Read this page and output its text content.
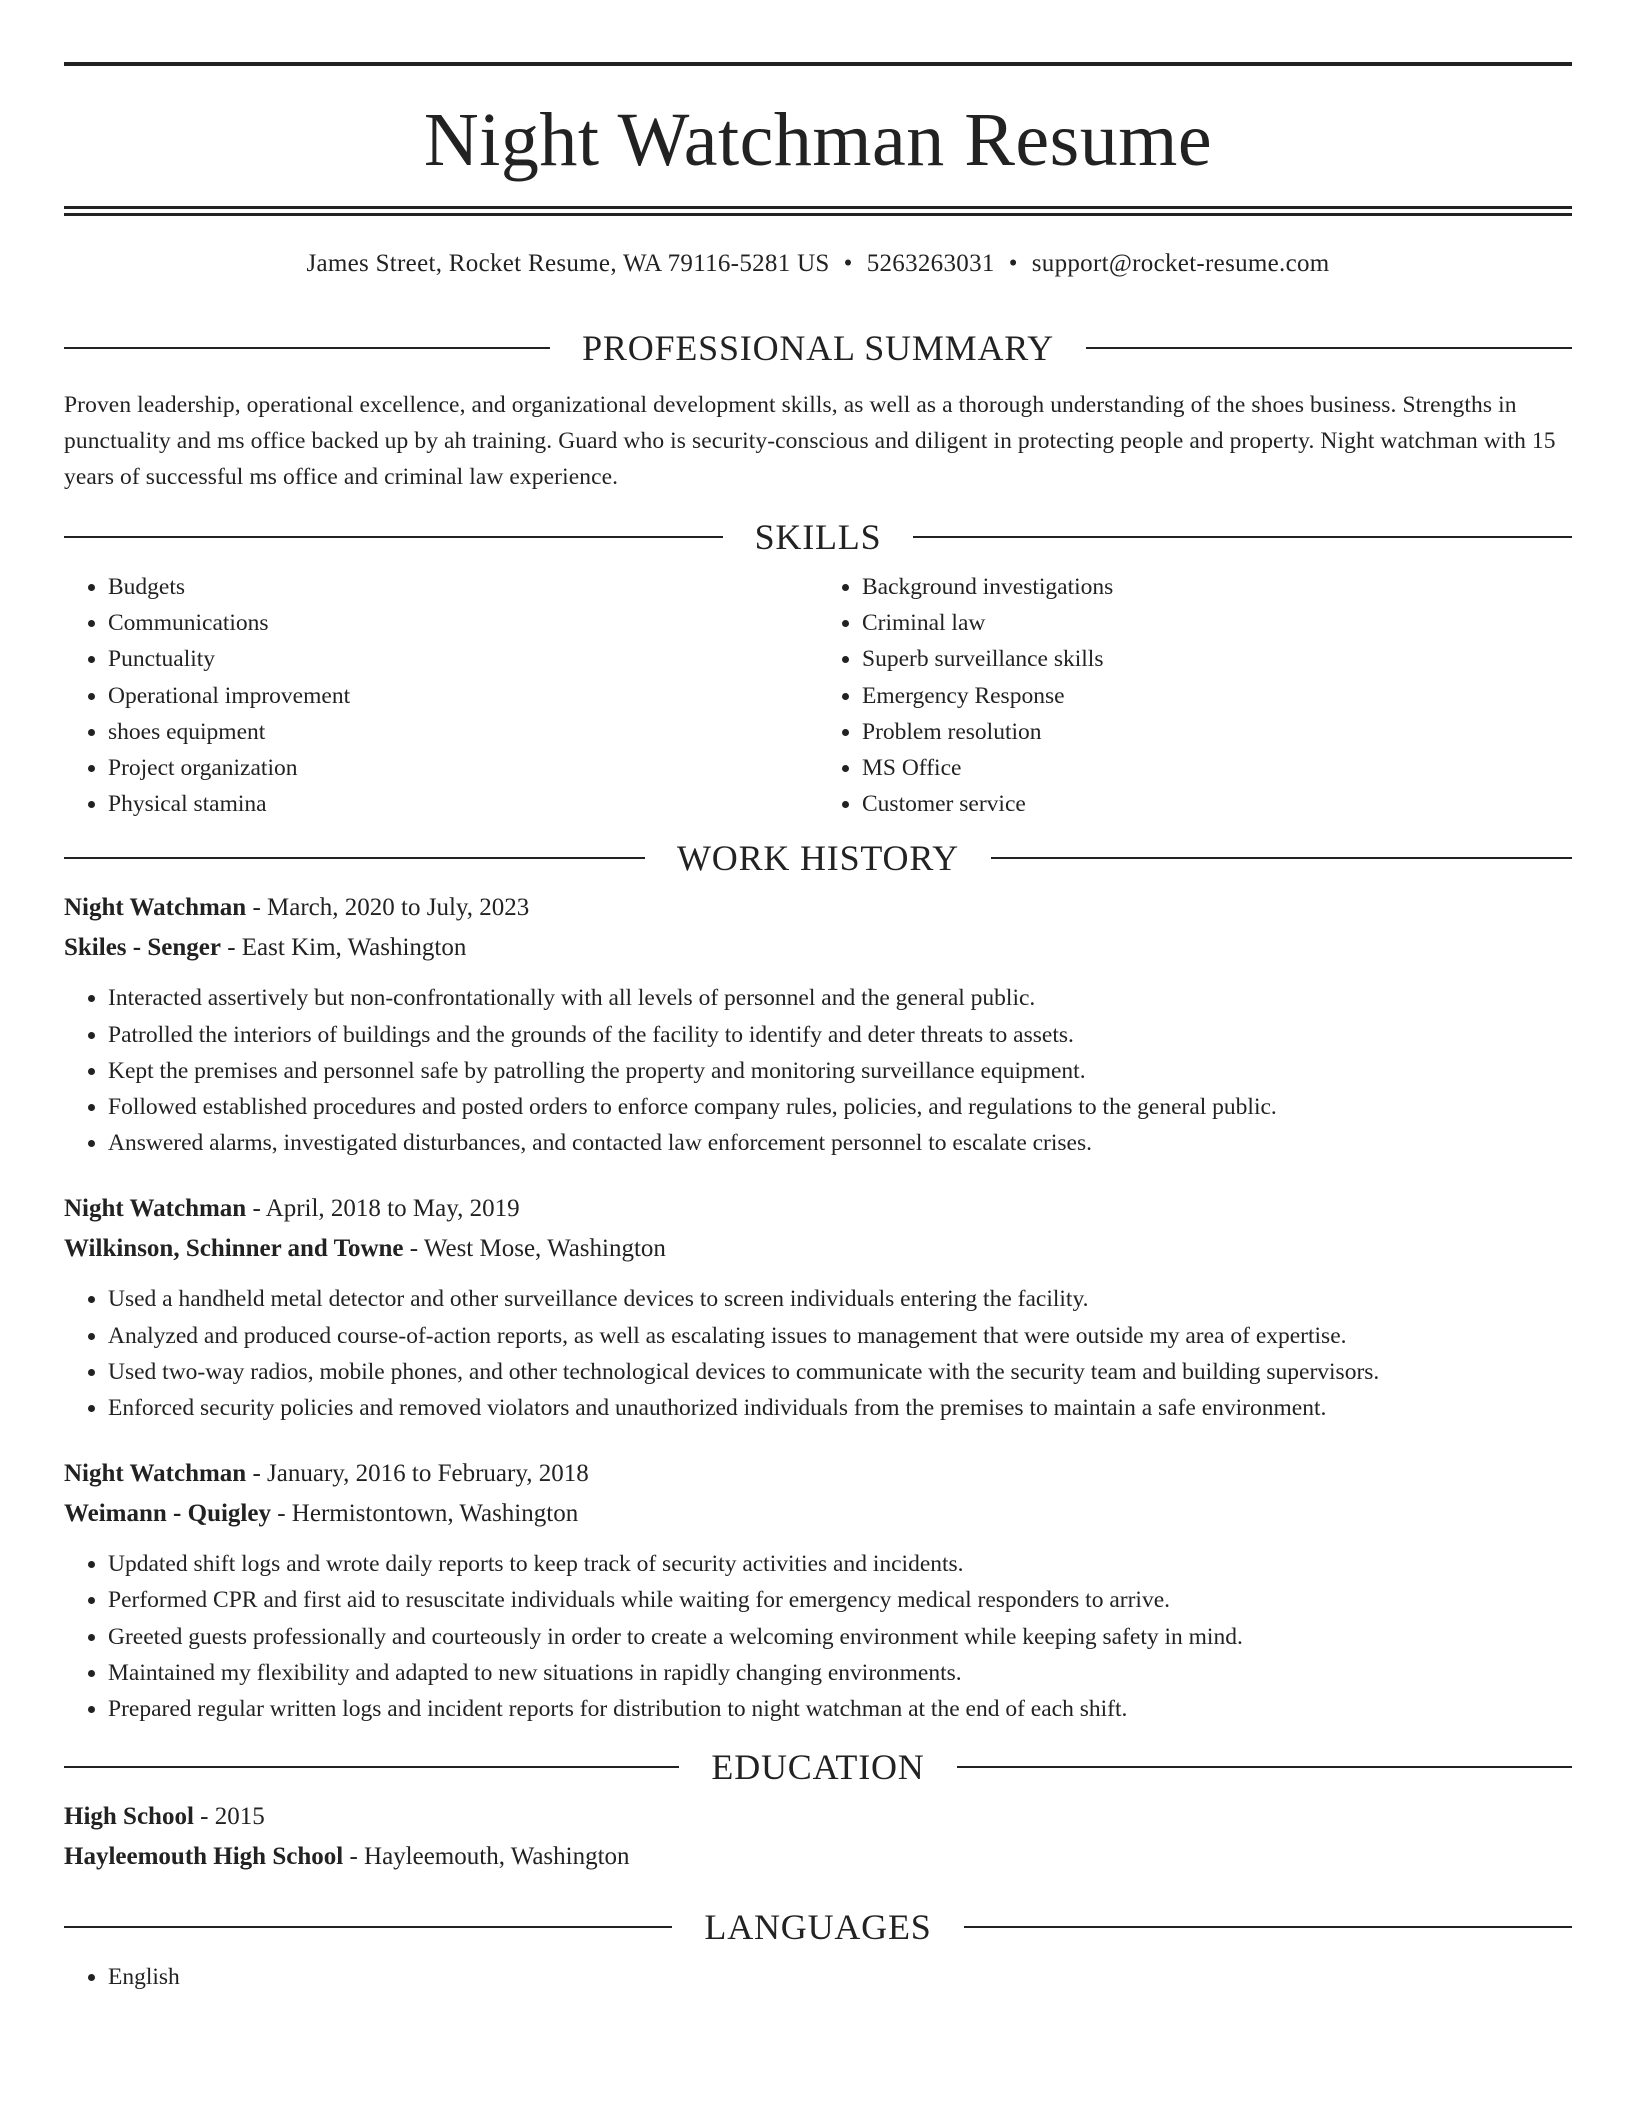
Night Watchman Resume
James Street, Rocket Resume, WA 79116-5281 US • 5263263031 • support@rocket-resume.com
PROFESSIONAL SUMMARY
Proven leadership, operational excellence, and organizational development skills, as well as a thorough understanding of the shoes business. Strengths in punctuality and ms office backed up by ah training. Guard who is security-conscious and diligent in protecting people and property. Night watchman with 15 years of successful ms office and criminal law experience.
SKILLS
• Budgets
• Communications
• Punctuality
• Operational improvement
• shoes equipment
• Project organization
• Physical stamina
• Background investigations
• Criminal law
• Superb surveillance skills
• Emergency Response
• Problem resolution
• MS Office
• Customer service
WORK HISTORY
Night Watchman - March, 2020 to July, 2023
Skiles - Senger - East Kim, Washington
• Interacted assertively but non-confrontationally with all levels of personnel and the general public.
• Patrolled the interiors of buildings and the grounds of the facility to identify and deter threats to assets.
• Kept the premises and personnel safe by patrolling the property and monitoring surveillance equipment.
• Followed established procedures and posted orders to enforce company rules, policies, and regulations to the general public.
• Answered alarms, investigated disturbances, and contacted law enforcement personnel to escalate crises.
Night Watchman - April, 2018 to May, 2019
Wilkinson, Schinner and Towne - West Mose, Washington
• Used a handheld metal detector and other surveillance devices to screen individuals entering the facility.
• Analyzed and produced course-of-action reports, as well as escalating issues to management that were outside my area of expertise.
• Used two-way radios, mobile phones, and other technological devices to communicate with the security team and building supervisors.
• Enforced security policies and removed violators and unauthorized individuals from the premises to maintain a safe environment.
Night Watchman - January, 2016 to February, 2018
Weimann - Quigley - Hermistontown, Washington
• Updated shift logs and wrote daily reports to keep track of security activities and incidents.
• Performed CPR and first aid to resuscitate individuals while waiting for emergency medical responders to arrive.
• Greeted guests professionally and courteously in order to create a welcoming environment while keeping safety in mind.
• Maintained my flexibility and adapted to new situations in rapidly changing environments.
• Prepared regular written logs and incident reports for distribution to night watchman at the end of each shift.
EDUCATION
High School - 2015
Hayleemouth High School - Hayleemouth, Washington
LANGUAGES
• English
